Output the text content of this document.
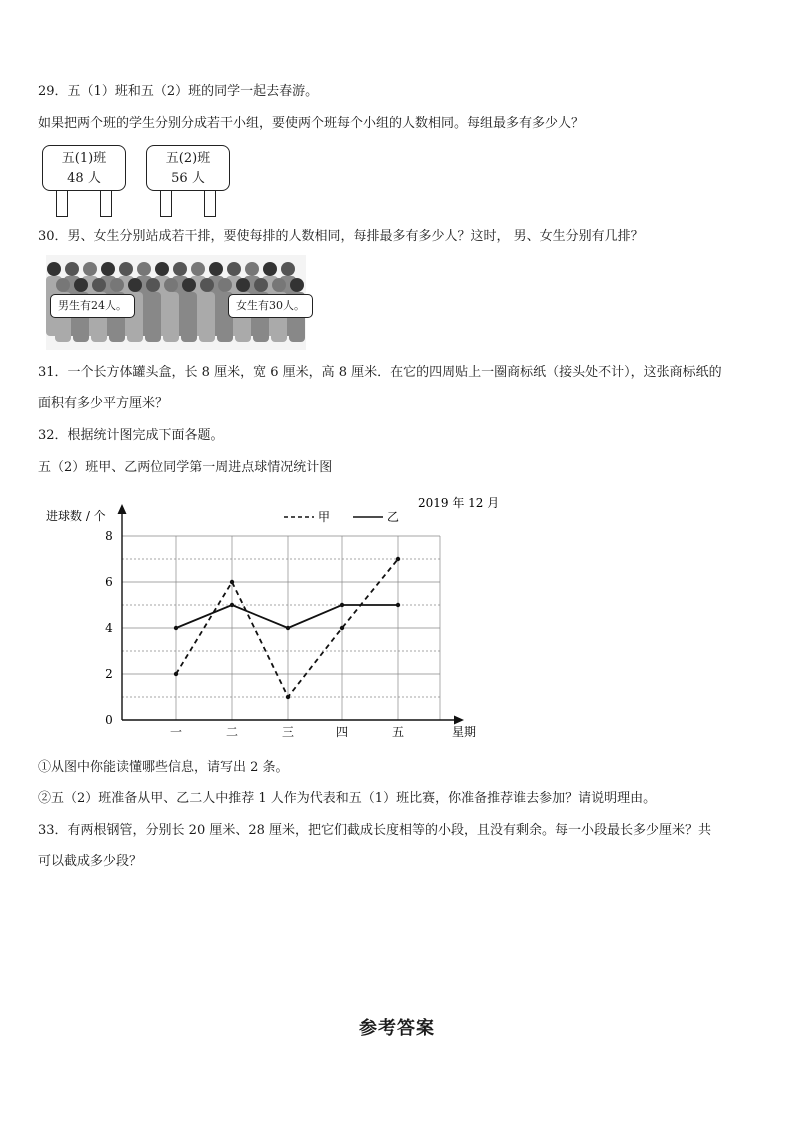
29．五（1）班和五（2）班的同学一起去春游。
如果把两个班的学生分别分成若干小组，要使两个班每个小组的人数相同。每组最多有多少人？
五(1)班
48 人
五(2)班
56 人
30．男、女生分别站成若干排，要使每排的人数相同，每排最多有多少人？这时， 男、女生分别有几排？
男生有24人。	女生有30人。
31．一个长方体罐头盒，长 8 厘米，宽 6 厘米，高 8 厘米．在它的四周贴上一圈商标纸（接头处不计），这张商标纸的
面积有多少平方厘米？
32．根据统计图完成下面各题。
五（2）班甲、乙两位同学第一周进点球情况统计图
进球数 / 个
星期
2019 年 12 月
甲	乙
0
2
4
6
8
一	二	三	四	五
①从图中你能读懂哪些信息，请写出 2 条。
②五（2）班准备从甲、乙二人中推荐 1 人作为代表和五（1）班比赛，你准备推荐谁去参加？请说明理由。
33．有两根钢管，分别长 20 厘米、28 厘米，把它们截成长度相等的小段，且没有剩余。每一小段最长多少厘米？共
可以截成多少段？
参考答案
